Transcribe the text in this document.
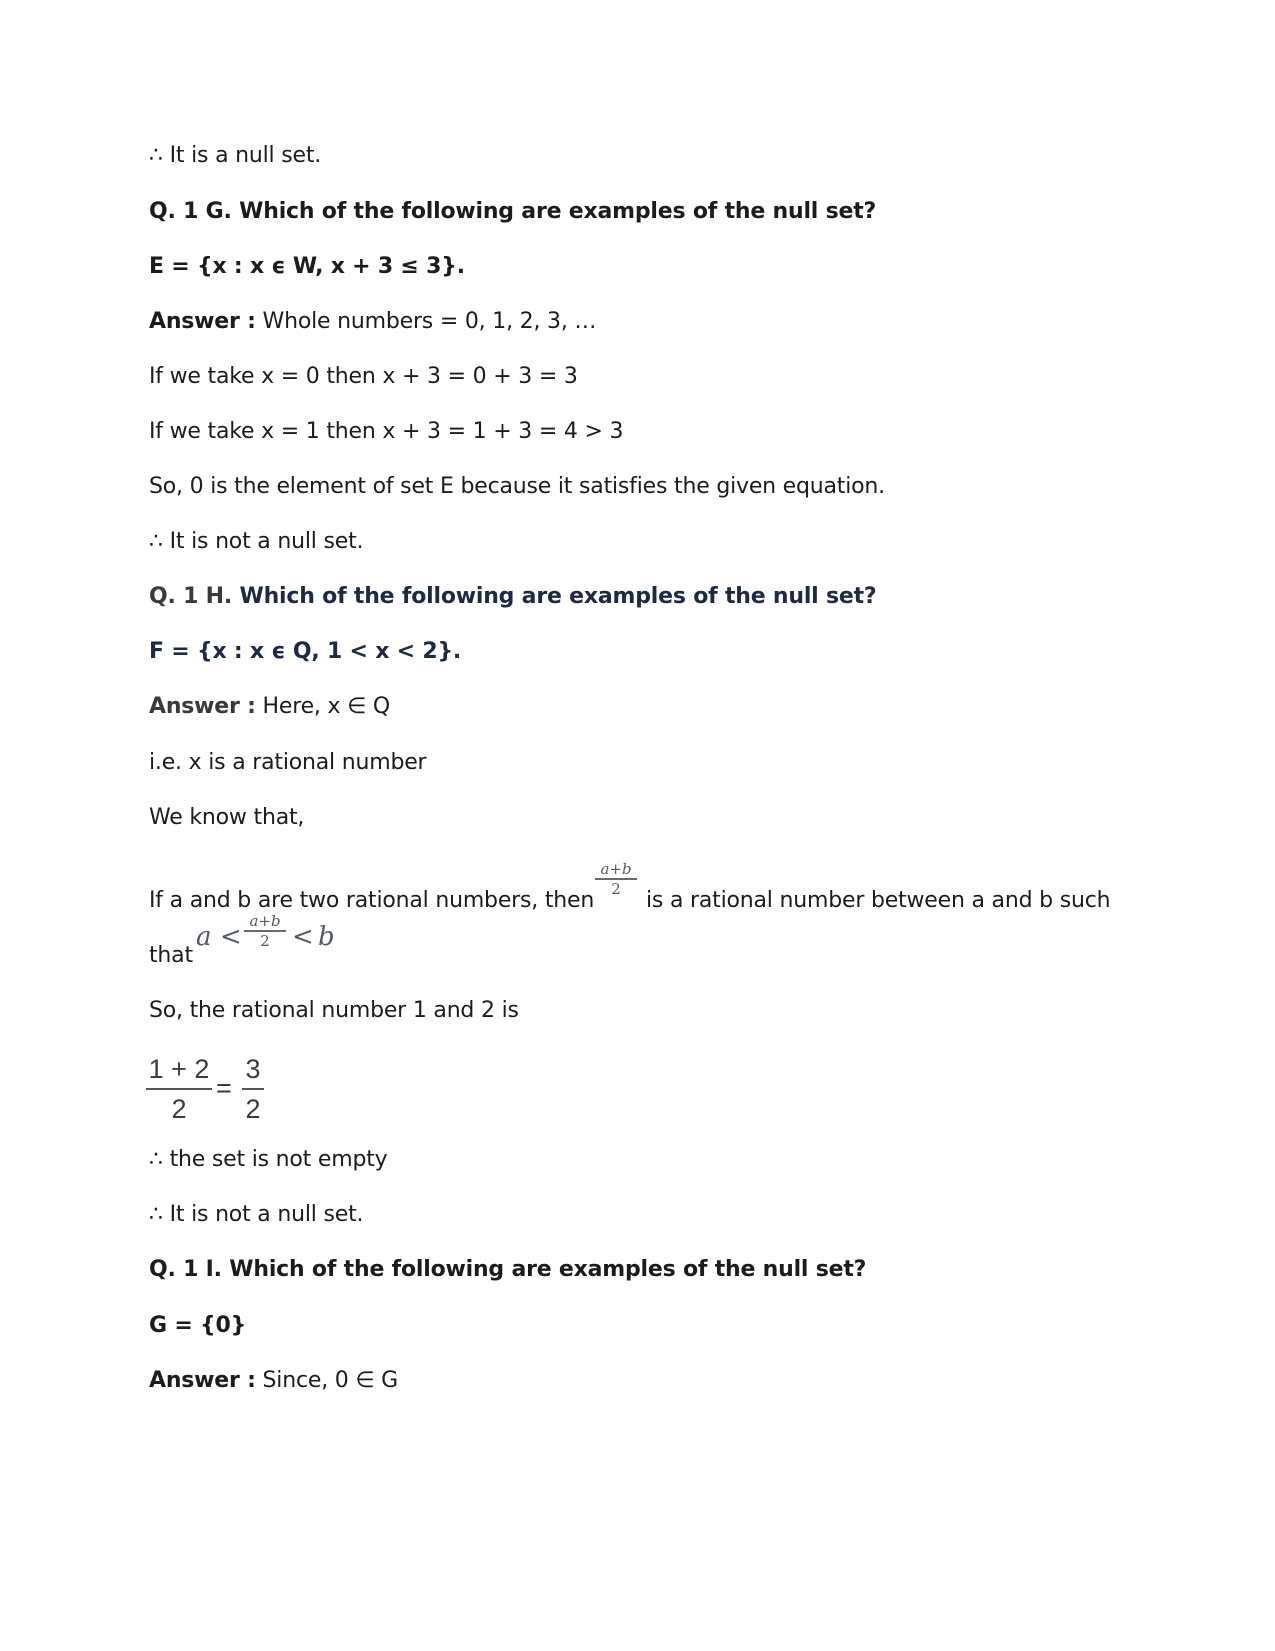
∴ It is a null set.
Q. 1 G. Which of the following are examples of the null set?
E = {x : x ϵ W, x + 3 ≤ 3}.
Answer : Whole numbers = 0, 1, 2, 3, …
If we take x = 0 then x + 3 = 0 + 3 = 3
If we take x = 1 then x + 3 = 1 + 3 = 4 > 3
So, 0 is the element of set E because it satisfies the given equation.
∴ It is not a null set.
Q. 1 H. Which of the following are examples of the null set?
F = {x : x ϵ Q, 1 < x < 2}.
Answer : Here, x ∈ Q
i.e. x is a rational number
We know that,
If a and b are two rational numbers, then
a+b
2	is a rational number between a and b such
that
a <
a+b
2 < b
So, the rational number 1 and 2 is
1 + 2
2
=
3
2
∴ the set is not empty
∴ It is not a null set.
Q. 1 I. Which of the following are examples of the null set?
G = {0}
Answer : Since, 0 ∈ G
